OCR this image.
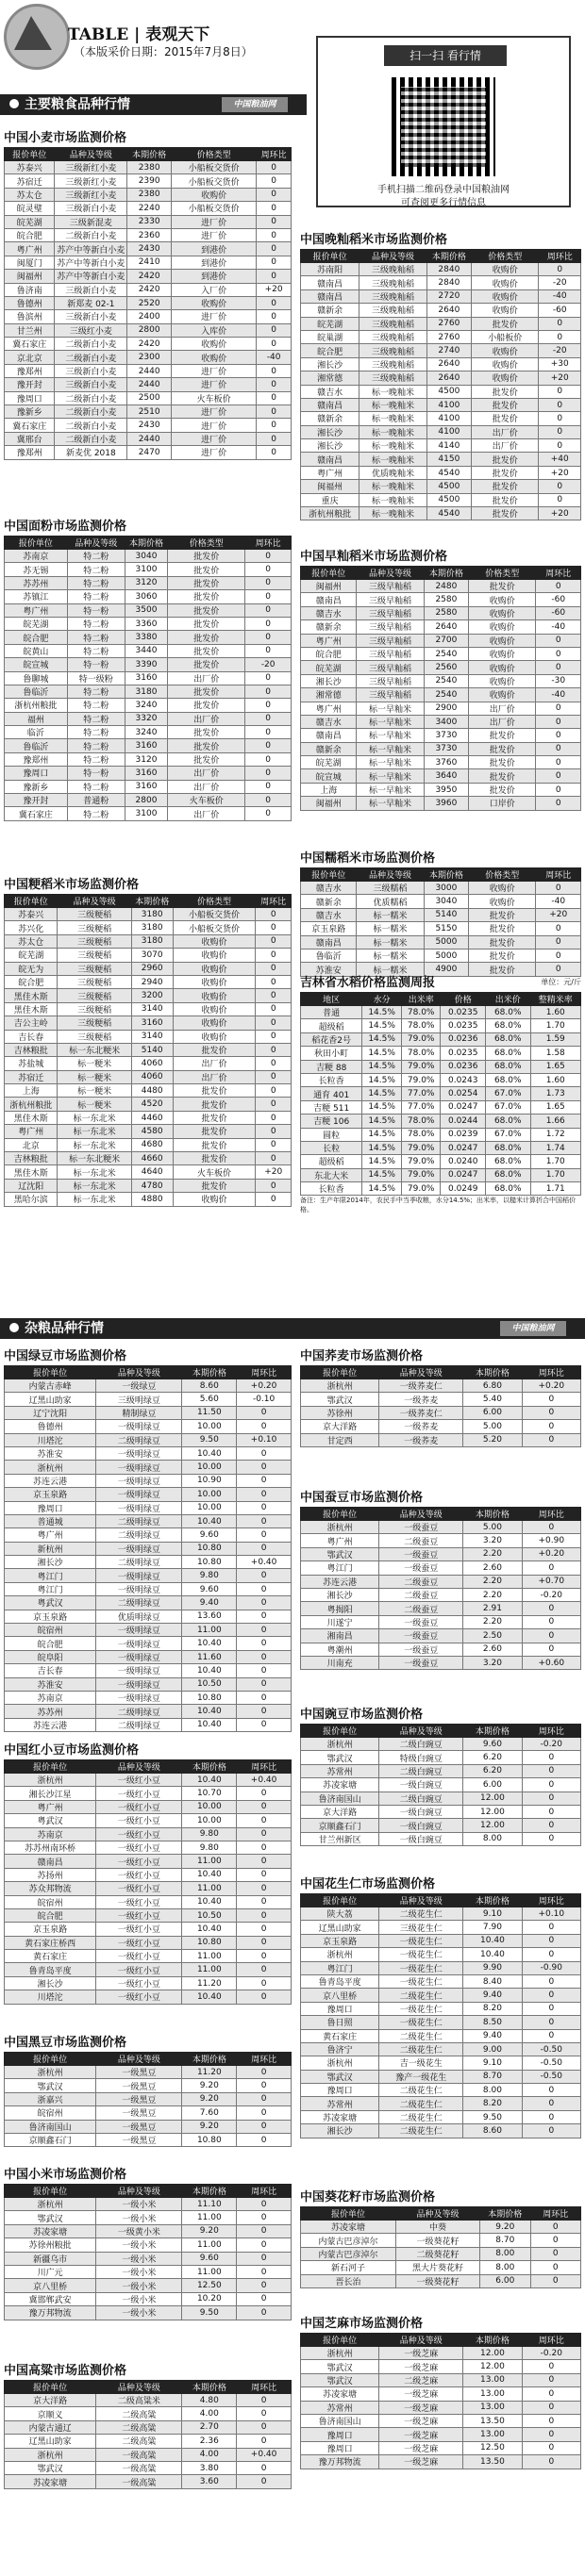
TABLE | 表观天下
（本版采价日期：2015年7月8日）	扫一扫 看行情
手机扫描二维码登录中国粮油网
可查阅更多行情信息
主要粮食品种行情	中国粮油网
杂粮品种行情	中国粮油网
中国小麦市场监测价格
报价单位	品种及等级	本期价格	价格类型	周环比
苏泰兴	三级新红小麦	2380	小船板交货价	0
苏宿迁	三级新红小麦	2390	小船板交货价	0
苏太仓	三级新红小麦	2380	收购价	0
皖灵璧	三级新白小麦	2240	小船板交货价	0
皖芜湖	三级新混麦	2330	进厂价	0
皖合肥	二级新白小麦	2360	进厂价	0
粤广州	苏产中等新白小麦	2430	到港价	0
闽厦门	苏产中等新白小麦	2410	到港价	0
闽福州	苏产中等新白小麦	2420	到港价	0
鲁济南	三级新白小麦	2420	入厂价	+20
鲁德州	新郑麦 02-1	2520	收购价	0
鲁滨州	三级新白小麦	2400	进厂价	0
甘兰州	三级红小麦	2800	入库价	0
冀石家庄	二级新白小麦	2420	收购价	0
京北京	二级新白小麦	2300	收购价	-40
豫郑州	三级新白小麦	2440	进厂价	0
豫开封	三级新白小麦	2440	进厂价	0
豫周口	二级新白小麦	2500	火车板价	0
豫新乡	二级新白小麦	2510	进厂价	0
冀石家庄	二级新白小麦	2430	进厂价	0
冀邢台	二级新白小麦	2440	进厂价	0
豫郑州	新麦优 2018	2470	进厂价	0
中国面粉市场监测价格
报价单位	品种及等级	本期价格	价格类型	周环比
苏南京	特二粉	3040	批发价	0
苏无锡	特二粉	3100	批发价	0
苏苏州	特二粉	3120	批发价	0
苏镇江	特二粉	3060	批发价	0
粤广州	特一粉	3500	批发价	0
皖芜湖	特二粉	3360	批发价	0
皖合肥	特二粉	3380	批发价	0
皖黄山	特二粉	3440	批发价	0
皖宣城	特一粉	3390	批发价	-20
鲁聊城	特一级粉	3160	出厂价	0
鲁临沂	特二粉	3180	批发价	0
浙杭州粮批	特二粉	3240	批发价	0
福州	特二粉	3320	出厂价	0
临沂	特二粉	3240	批发价	0
鲁临沂	特二粉	3160	批发价	0
豫郑州	特二粉	3120	批发价	0
豫周口	特一粉	3160	出厂价	0
豫新乡	特二粉	3160	出厂价	0
豫开封	普通粉	2800	火车板价	0
冀石家庄	特二粉	3100	出厂价	0
中国粳稻米市场监测价格
报价单位	品种及等级	本期价格	价格类型	周环比
苏泰兴	三级粳稻	3180	小船板交货价	0
苏兴化	三级粳稻	3180	小船板交货价	0
苏太仓	三级粳稻	3180	收购价	0
皖芜湖	三级粳稻	3070	收购价	0
皖无为	三级粳稻	2960	收购价	0
皖合肥	三级粳稻	2940	收购价	0
黑佳木斯	三级粳稻	3200	收购价	0
黑佳木斯	三级粳稻	3140	收购价	0
吉公主岭	三级粳稻	3160	收购价	0
吉长春	三级粳稻	3140	收购价	0
吉林粮批	标一东北粳米	5140	批发价	0
苏盐城	标一粳米	4060	出厂价	0
苏宿迁	标一粳米	4060	出厂价	0
上海	标一粳米	4480	批发价	0
浙杭州粮批	标一粳米	4520	批发价	0
黑佳木斯	标一东北米	4460	批发价	0
粤广州	标一东北米	4580	批发价	0
北京	标一东北米	4680	批发价	0
吉林粮批	标一东北粳米	4660	批发价	0
黑佳木斯	标一东北米	4640	火车板价	+20
辽沈阳	标一东北米	4780	批发价	0
黑哈尔滨	标一东北米	4880	收购价	0
中国晚籼稻米市场监测价格
报价单位	品种及等级	本期价格	价格类型	周环比
苏南阳	三级晚籼稻	2840	收购价	0
赣南昌	三级晚籼稻	2840	收购价	-20
赣南昌	三级晚籼稻	2720	收购价	-40
赣新余	三级晚籼稻	2640	收购价	-60
皖芜湖	三级晚籼稻	2760	批发价	0
皖巢湖	三级晚籼稻	2760	小船板价	0
皖合肥	三级晚籼稻	2740	收购价	-20
湘长沙	三级晚籼稻	2640	收购价	+30
湘常德	三级晚籼稻	2640	收购价	+20
赣吉水	标一晚籼米	4500	批发价	0
赣南昌	标一晚籼米	4100	批发价	0
赣新余	标一晚籼米	4100	批发价	0
湘长沙	标一晚籼米	4100	出厂价	0
湘长沙	标一晚籼米	4140	出厂价	0
赣南昌	标一晚籼米	4150	批发价	+40
粤广州	优质晚籼米	4540	批发价	+20
闽福州	标一晚籼米	4500	批发价	0
重庆	标一晚籼米	4500	批发价	0
浙杭州粮批	标一晚籼米	4540	批发价	+20
中国早籼稻米市场监测价格
报价单位	品种及等级	本期价格	价格类型	周环比
闽福州	三级早籼稻	2480	批发价	0
赣南昌	三级早籼稻	2580	收购价	-60
赣吉水	三级早籼稻	2580	收购价	-60
赣新余	三级早籼稻	2640	收购价	-40
粤广州	三级早籼稻	2700	收购价	0
皖合肥	三级早籼稻	2540	收购价	0
皖芜湖	三级早籼稻	2560	收购价	0
湘长沙	三级早籼稻	2540	收购价	-30
湘常德	三级早籼稻	2540	收购价	-40
粤广州	标一早籼米	2900	出厂价	0
赣吉水	标一早籼米	3400	出厂价	0
赣南昌	标一早籼米	3730	批发价	0
赣新余	标一早籼米	3730	批发价	0
皖芜湖	标一早籼米	3760	批发价	0
皖宣城	标一早籼米	3640	批发价	0
上海	标一早籼米	3950	批发价	0
闽福州	标一早籼米	3960	口岸价	0
中国糯稻米市场监测价格
报价单位	品种及等级	本期价格	价格类型	周环比
赣吉水	三级糯稻	3000	收购价	0
赣新余	优质糯稻	3040	收购价	-40
赣吉水	标一糯米	5140	批发价	+20
京玉泉路	标一糯米	5150	批发价	0
赣南昌	标一糯米	5000	批发价	0
鲁临沂	标一糯米	5000	批发价	0
苏淮安	标一糯米	4900	批发价	0
吉林省水稻价格监测周报	单位：元/斤
地区	水分	出米率	价格	出米价	整精米率
普通	14.5%	78.0%	0.0235	68.0%	1.60
超级稻	14.5%	78.0%	0.0235	68.0%	1.70
稻花香2号	14.5%	79.0%	0.0236	68.0%	1.59
秋田小町	14.5%	78.0%	0.0235	68.0%	1.58
吉粳 88	14.5%	79.0%	0.0236	68.0%	1.65
长粒香	14.5%	79.0%	0.0243	68.0%	1.60
通育 401	14.5%	77.0%	0.0254	67.0%	1.73
吉粳 511	14.5%	77.0%	0.0247	67.0%	1.65
吉粳 106	14.5%	78.0%	0.0244	68.0%	1.66
圆粒	14.5%	78.0%	0.0239	67.0%	1.72
长粒	14.5%	79.0%	0.0247	68.0%	1.74
超级稻	14.5%	79.0%	0.0240	68.0%	1.70
东北大米	14.5%	79.0%	0.0247	68.0%	1.70
长粒香	14.5%	79.0%	0.0249	68.0%	1.71
备注：生产年限2014年，农民手中当季收粮，水分14.5%；出米率，以糙米计算折合中国稻价格。
中国绿豆市场监测价格
报价单位	品种及等级	本期价格	周环比
内蒙古赤峰	一级绿豆	8.60	+0.20
辽黑山助家	三级明绿豆	5.60	-0.10
辽宁沈阳	精制绿豆	11.50	0
鲁德州	一级明绿豆	10.00	0
川塔沱	二级明绿豆	9.50	+0.10
苏淮安	一级明绿豆	10.40	0
浙杭州	一级明绿豆	10.00	0
苏连云港	一级明绿豆	10.90	0
京玉泉路	一级明绿豆	10.00	0
豫周口	一级明绿豆	10.00	0
普通城	二级明绿豆	10.40	0
粤广州	二级明绿豆	9.60	0
新杭州	一级明绿豆	10.80	0
湘长沙	二级明绿豆	10.80	+0.40
粤江门	一级明绿豆	9.80	0
粤江门	一级明绿豆	9.60	0
粤武汉	二级明绿豆	9.40	0
京玉泉路	优质明绿豆	13.60	0
皖宿州	一级明绿豆	11.00	0
皖合肥	一级明绿豆	10.40	0
皖阜阳	一级明绿豆	11.60	0
吉长春	一级明绿豆	10.40	0
苏淮安	一级明绿豆	10.50	0
苏南京	一级明绿豆	10.80	0
苏苏州	二级明绿豆	10.40	0
苏连云港	二级明绿豆	10.40	0
中国红小豆市场监测价格
报价单位	品种及等级	本期价格	周环比
浙杭州	一级红小豆	10.40	+0.40
湘长沙江星	一级红小豆	10.70	0
粤广州	一级红小豆	10.00	0
粤武汉	一级红小豆	10.00	0
苏南京	一级红小豆	9.80	0
苏苏州南环桥	一级红小豆	9.80	0
赣南昌	一级红小豆	11.00	0
苏扬州	一级红小豆	10.40	0
苏众邦物流	一级红小豆	11.00	0
皖宿州	一级红小豆	10.40	0
皖合肥	一级红小豆	10.50	0
京玉泉路	一级红小豆	10.40	0
黄石家庄桥西	一级红小豆	10.80	0
黄石家庄	一级红小豆	11.00	0
鲁青岛平度	一级红小豆	11.00	0
湘长沙	一级红小豆	11.20	0
川塔沱	一级红小豆	10.40	0
中国黑豆市场监测价格
报价单位	品种及等级	本期价格	周环比
浙杭州	一级黑豆	11.20	0
鄂武汉	一级黑豆	9.20	0
浙嘉兴	一级黑豆	9.20	0
皖宿州	一级黑豆	7.60	0
鲁济南国山	一级黑豆	9.20	0
京顺鑫石门	一级黑豆	10.80	0
中国小米市场监测价格
报价单位	品种及等级	本期价格	周环比
浙杭州	一级小米	11.10	0
鄂武汉	一级小米	11.00	0
苏凌家塘	一级黄小米	9.20	0
苏徐州粮批	一级小米	11.00	0
新疆乌市	一级小米	9.60	0
川广元	一级小米	11.00	0
京八里桥	一级小米	12.50	0
冀邯郸武安	一级小米	10.20	0
豫万邦物流	一级小米	9.50	0
中国高粱市场监测价格
报价单位	品种及等级	本期价格	周环比
京大洋路	二级高粱米	4.80	0
京顺义	二级高粱	4.00	0
内蒙古通辽	二级高粱	2.70	0
辽黑山助家	二级高粱	2.36	0
浙杭州	一级高粱	4.00	+0.40
鄂武汉	一级高粱	3.80	0
苏凌家塘	一级高粱	3.60	0
中国荞麦市场监测价格
报价单位	品种及等级	本期价格	周环比
浙杭州	一级荞麦仁	6.80	+0.20
鄂武汉	一级荞麦	5.40	0
苏徐州	一级荞麦仁	6.00	0
京大洋路	一级荞麦	5.00	0
甘定西	一级荞麦	5.20	0
中国蚕豆市场监测价格
报价单位	品种及等级	本期价格	周环比
浙杭州	一级蚕豆	5.00	0
粤广州	二级蚕豆	3.20	+0.90
鄂武汉	一级蚕豆	2.20	+0.20
粤江门	一级蚕豆	2.60	0
苏连云港	二级蚕豆	2.20	+0.70
湘长沙	二级蚕豆	2.20	-0.20
粤揭阳	二级蚕豆	2.91	0
川遂宁	一级蚕豆	2.20	0
湘南昌	一级蚕豆	2.50	0
粤潮州	一级蚕豆	2.60	0
川南充	一级蚕豆	3.20	+0.60
中国豌豆市场监测价格
报价单位	品种及等级	本期价格	周环比
浙杭州	二级白豌豆	9.60	-0.20
鄂武汉	特级白豌豆	6.20	0
苏常州	二级白豌豆	6.20	0
苏凌家塘	一级白豌豆	6.00	0
鲁济南国山	二级白豌豆	12.00	0
京大洋路	一级白豌豆	12.00	0
京顺鑫石门	一级白豌豆	12.00	0
甘兰州新区	一级白豌豆	8.00	0
中国花生仁市场监测价格
报价单位	品种及等级	本期价格	周环比
陕大荔	二级花生仁	9.10	+0.10
辽黑山助家	三级花生仁	7.90	0
京玉泉路	一级花生仁	10.40	0
浙杭州	一级花生仁	10.40	0
粤江门	一级花生仁	9.90	-0.90
鲁青岛平度	一级花生仁	8.40	0
京八里桥	二级花生仁	9.40	0
豫周口	一级花生仁	8.20	0
鲁日照	一级花生仁	8.50	0
黄石家庄	二级花生仁	9.40	0
鲁济宁	二级花生仁	9.00	-0.50
浙杭州	吉一级花生	9.10	-0.50
鄂武汉	豫产一级花生	8.70	-0.50
豫周口	二级花生仁	8.00	0
苏常州	二级花生仁	8.20	0
苏凌家塘	二级花生仁	9.50	0
湘长沙	二级花生仁	8.60	0
中国葵花籽市场监测价格
报价单位	品种及等级	本期价格	周环比
苏凌家塘	中葵	9.20	0
内蒙古巴彦淖尔	一级葵花籽	8.70	0
内蒙古巴彦淖尔	二级葵花籽	8.00	0
新石河子	黑大片葵花籽	8.00	0
晋长治	一级葵花籽	6.00	0
中国芝麻市场监测价格
报价单位	品种及等级	本期价格	周环比
浙杭州	一级芝麻	12.00	-0.20
鄂武汉	一级芝麻	12.00	0
鄂武汉	二级芝麻	13.00	0
苏凌家塘	一级芝麻	13.00	0
苏常州	一级芝麻	13.00	0
鲁济南国山	一级芝麻	13.50	0
豫周口	一级芝麻	13.00	0
豫周口	一级芝麻	12.50	0
豫万邦物流	一级芝麻	13.50	0
